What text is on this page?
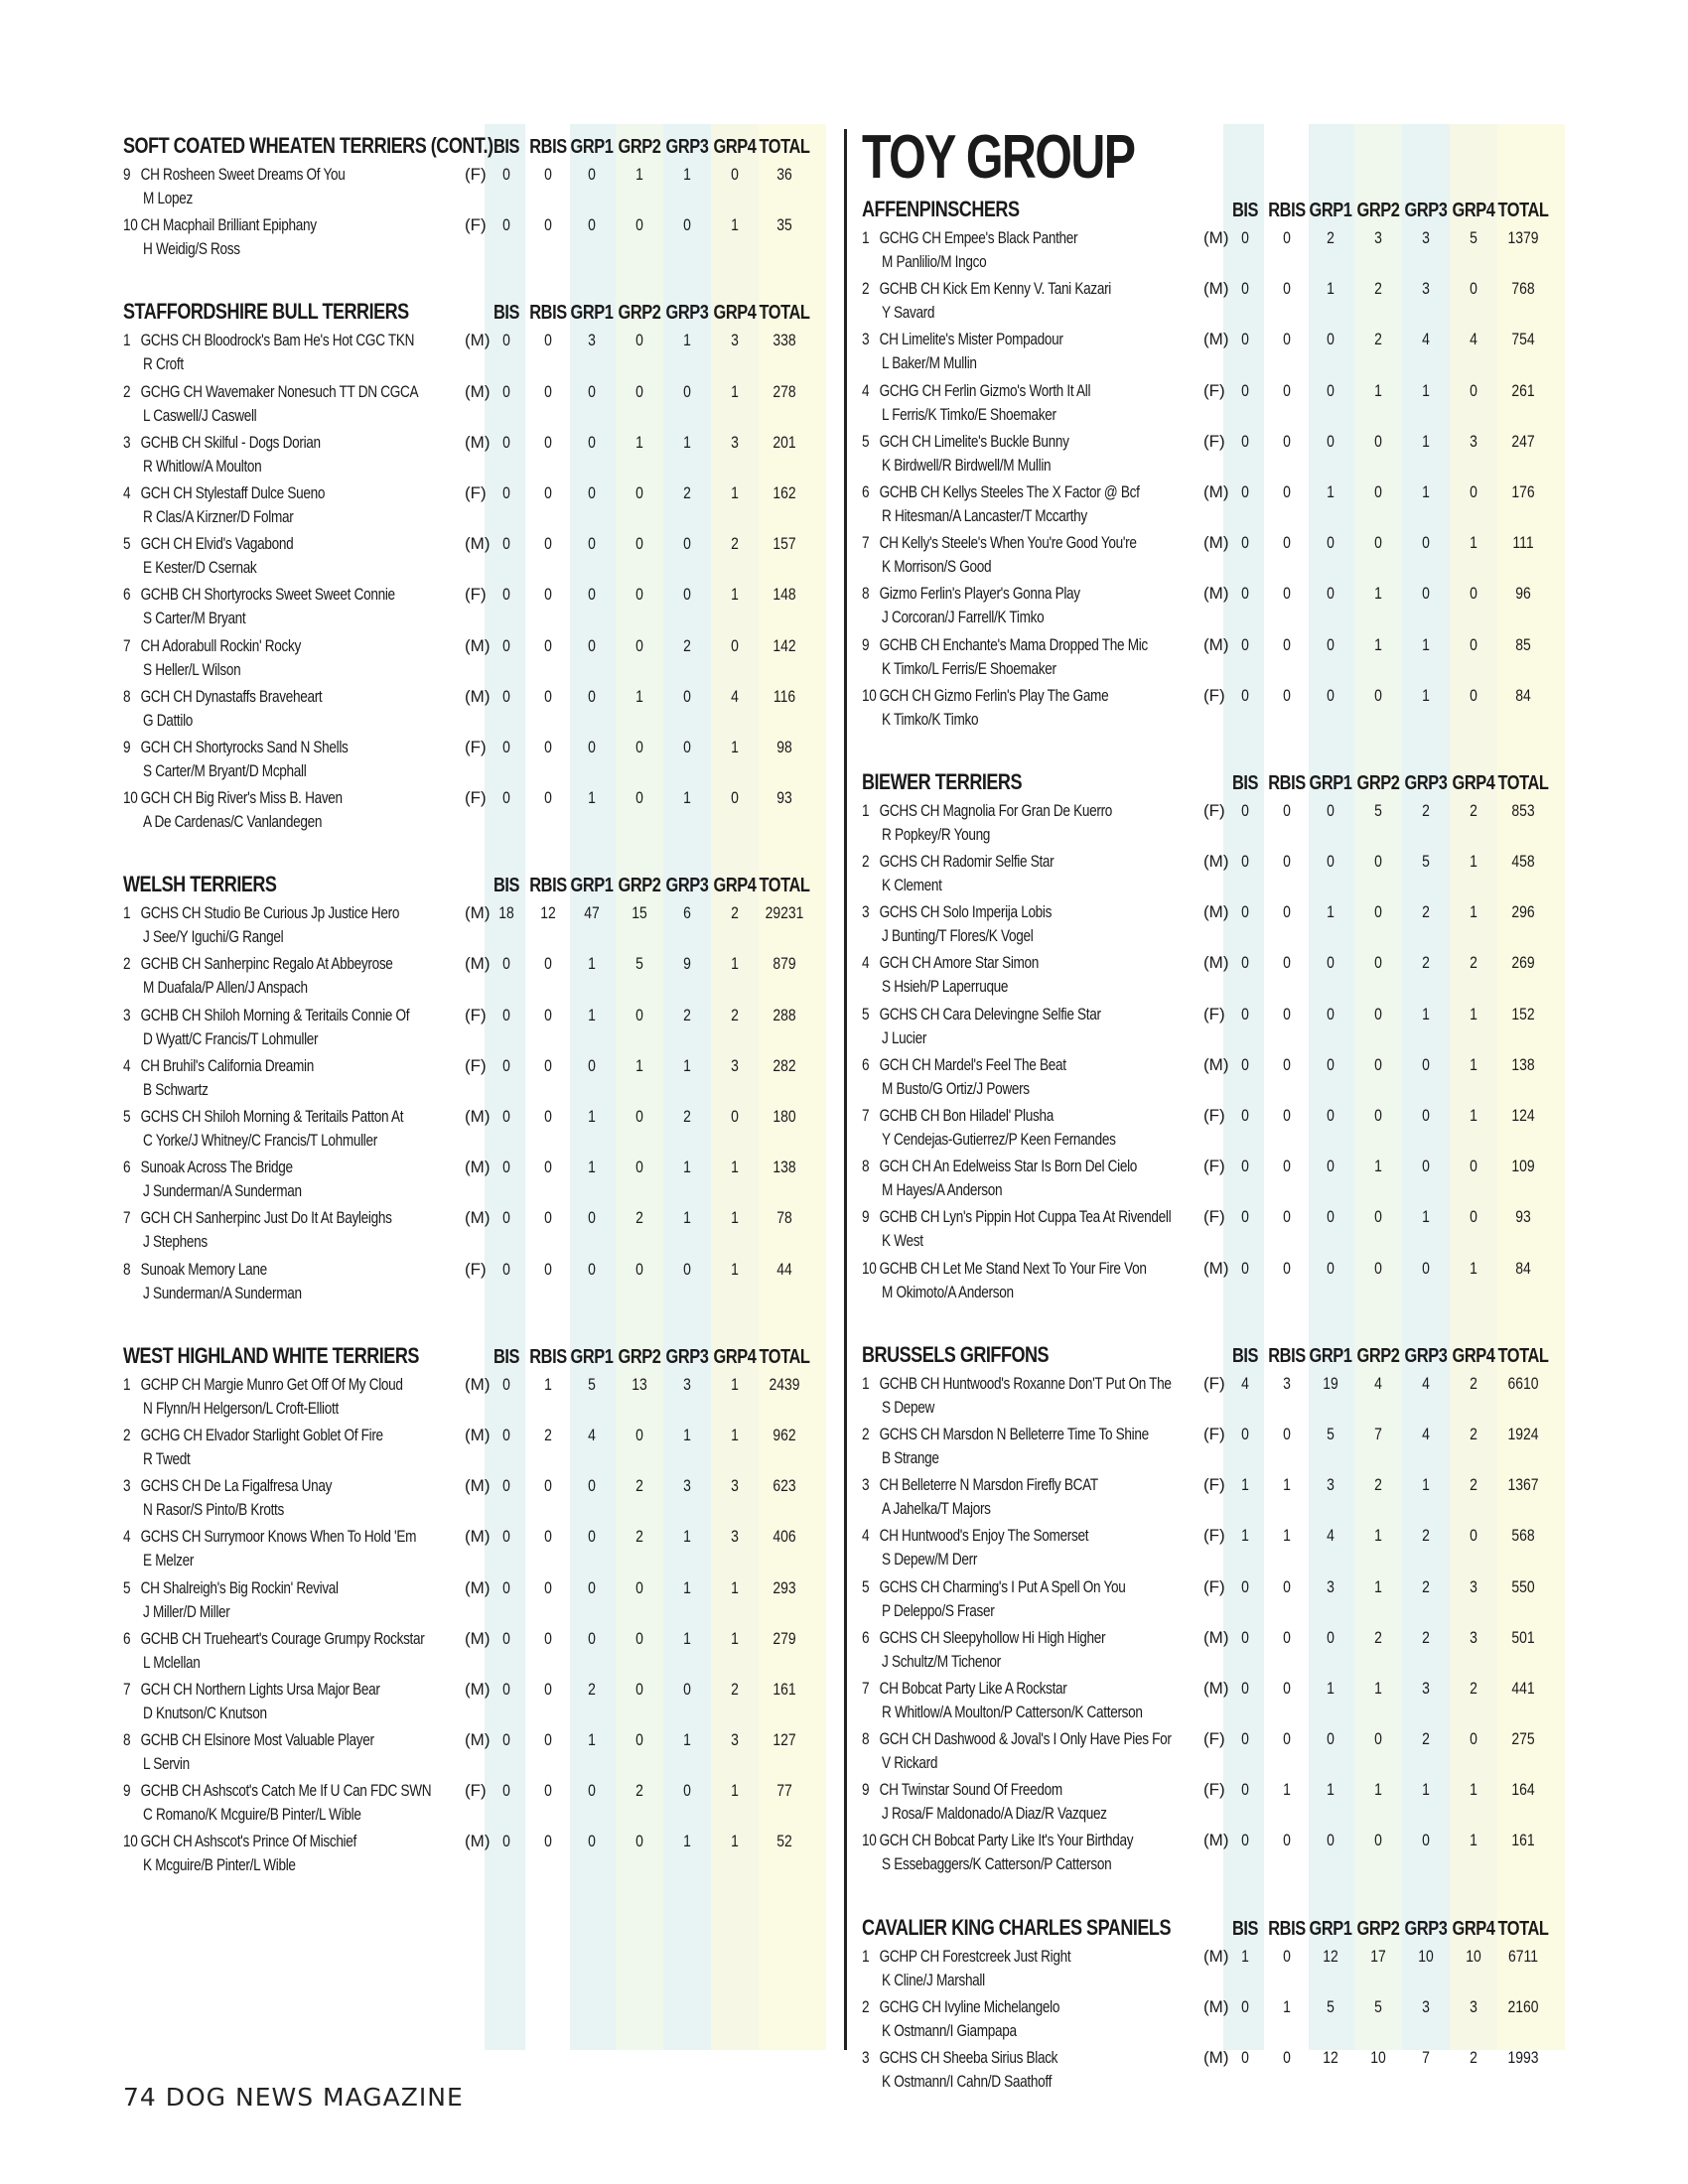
SOFT COATED WHEATEN TERRIERS (CONT.) BIS RBIS GRP1 GRP2 GRP3 GRP4 TOTAL
9 CH Rosheen Sweet Dreams Of You
M Lopez
(F) 0 0 0 1 1 0 36
10 CH Macphail Brilliant Epiphany
H Weidig/S Ross
(F) 0 0 0 0 0 1 35
STAFFORDSHIRE BULL TERRIERS	BIS RBIS GRP1 GRP2 GRP3 GRP4 TOTAL
1 GCHS CH Bloodrock's Bam He's Hot CGC TKN
R Croft
(M) 0 0 3 0 1 3 338
2 GCHG CH Wavemaker Nonesuch TT DN CGCA
L Caswell/J Caswell
(M) 0 0 0 0 0 1 278
3 GCHB CH Skilful - Dogs Dorian
R Whitlow/A Moulton
(M) 0 0 0 1 1 3 201
4 GCH CH Stylestaff Dulce Sueno
R Clas/A Kirzner/D Folmar
(F) 0 0 0 0 2 1 162
5 GCH CH Elvid's Vagabond
E Kester/D Csernak
(M) 0 0 0 0 0 2 157
6 GCHB CH Shortyrocks Sweet Sweet Connie
S Carter/M Bryant
(F) 0 0 0 0 0 1 148
7 CH Adorabull Rockin' Rocky
S Heller/L Wilson
(M) 0 0 0 0 2 0 142
8 GCH CH Dynastaffs Braveheart
G Dattilo
(M) 0 0 0 1 0 4 116
9 GCH CH Shortyrocks Sand N Shells
S Carter/M Bryant/D Mcphall
(F) 0 0 0 0 0 1 98
10 GCH CH Big River's Miss B. Haven
A De Cardenas/C Vanlandegen
(F) 0 0 1 0 1 0 93
WELSH TERRIERS	BIS RBIS GRP1 GRP2 GRP3 GRP4 TOTAL
1 GCHS CH Studio Be Curious Jp Justice Hero
J See/Y Iguchi/G Rangel
(M) 18 12 47 15 6 2 29231
2 GCHB CH Sanherpinc Regalo At Abbeyrose
M Duafala/P Allen/J Anspach
(M) 0 0 1 5 9 1 879
3 GCHB CH Shiloh Morning & Teritails Connie Of
D Wyatt/C Francis/T Lohmuller
(F) 0 0 1 0 2 2 288
4 CH Bruhil's California Dreamin
B Schwartz
(F) 0 0 0 1 1 3 282
5 GCHS CH Shiloh Morning & Teritails Patton At
C Yorke/J Whitney/C Francis/T Lohmuller
(M) 0 0 1 0 2 0 180
6 Sunoak Across The Bridge
J Sunderman/A Sunderman
(M) 0 0 1 0 1 1 138
7 GCH CH Sanherpinc Just Do It At Bayleighs
J Stephens
(M) 0 0 0 2 1 1 78
8 Sunoak Memory Lane
J Sunderman/A Sunderman
(F) 0 0 0 0 0 1 44
WEST HIGHLAND WHITE TERRIERS	BIS RBIS GRP1 GRP2 GRP3 GRP4 TOTAL
1 GCHP CH Margie Munro Get Off Of My Cloud
N Flynn/H Helgerson/L Croft-Elliott
(M) 0 1 5 13 3 1 2439
2 GCHG CH Elvador Starlight Goblet Of Fire
R Twedt
(M) 0 2 4 0 1 1 962
3 GCHS CH De La Figalfresa Unay
N Rasor/S Pinto/B Krotts
(M) 0 0 0 2 3 3 623
4 GCHS CH Surrymoor Knows When To Hold 'Em
E Melzer
(M) 0 0 0 2 1 3 406
5 CH Shalreigh's Big Rockin' Revival
J Miller/D Miller
(M) 0 0 0 0 1 1 293
6 GCHB CH Trueheart's Courage Grumpy Rockstar
L Mclellan
(M) 0 0 0 0 1 1 279
7 GCH CH Northern Lights Ursa Major Bear
D Knutson/C Knutson
(M) 0 0 2 0 0 2 161
8 GCHB CH Elsinore Most Valuable Player
L Servin
(M) 0 0 1 0 1 3 127
9 GCHB CH Ashscot's Catch Me If U Can FDC SWN
C Romano/K Mcguire/B Pinter/L Wible
(F) 0 0 0 2 0 1 77
10 GCH CH Ashscot's Prince Of Mischief
K Mcguire/B Pinter/L Wible
(M) 0 0 0 0 1 1 52
TOY GROUP
AFFENPINSCHERS	BIS RBIS GRP1 GRP2 GRP3 GRP4 TOTAL
1 GCHG CH Empee's Black Panther
M Panlilio/M Ingco
(M) 0 0 2 3 3 5 1379
2 GCHB CH Kick Em Kenny V. Tani Kazari
Y Savard
(M) 0 0 1 2 3 0 768
3 CH Limelite's Mister Pompadour
L Baker/M Mullin
(M) 0 0 0 2 4 4 754
4 GCHG CH Ferlin Gizmo's Worth It All
L Ferris/K Timko/E Shoemaker
(F) 0 0 0 1 1 0 261
5 GCH CH Limelite's Buckle Bunny
K Birdwell/R Birdwell/M Mullin
(F) 0 0 0 0 1 3 247
6 GCHB CH Kellys Steeles The X Factor @ Bcf
R Hitesman/A Lancaster/T Mccarthy
(M) 0 0 1 0 1 0 176
7 CH Kelly's Steele's When You're Good You're
K Morrison/S Good
(M) 0 0 0 0 0 1 111
8 Gizmo Ferlin's Player's Gonna Play
J Corcoran/J Farrell/K Timko
(M) 0 0 0 1 0 0 96
9 GCHB CH Enchante's Mama Dropped The Mic
K Timko/L Ferris/E Shoemaker
(M) 0 0 0 1 1 0 85
10 GCH CH Gizmo Ferlin's Play The Game
K Timko/K Timko
(F) 0 0 0 0 1 0 84
BIEWER TERRIERS	BIS RBIS GRP1 GRP2 GRP3 GRP4 TOTAL
1 GCHS CH Magnolia For Gran De Kuerro
R Popkey/R Young
(F) 0 0 0 5 2 2 853
2 GCHS CH Radomir Selfie Star
K Clement
(M) 0 0 0 0 5 1 458
3 GCHS CH Solo Imperija Lobis
J Bunting/T Flores/K Vogel
(M) 0 0 1 0 2 1 296
4 GCH CH Amore Star Simon
S Hsieh/P Laperruque
(M) 0 0 0 0 2 2 269
5 GCHS CH Cara Delevingne Selfie Star
J Lucier
(F) 0 0 0 0 1 1 152
6 GCH CH Mardel's Feel The Beat
M Busto/G Ortiz/J Powers
(M) 0 0 0 0 0 1 138
7 GCHB CH Bon Hiladel' Plusha
Y Cendejas-Gutierrez/P Keen Fernandes
(F) 0 0 0 0 0 1 124
8 GCH CH An Edelweiss Star Is Born Del Cielo
M Hayes/A Anderson
(F) 0 0 0 1 0 0 109
9 GCHB CH Lyn's Pippin Hot Cuppa Tea At Rivendell
K West
(F) 0 0 0 0 1 0 93
10 GCHB CH Let Me Stand Next To Your Fire Von
M Okimoto/A Anderson
(M) 0 0 0 0 0 1 84
BRUSSELS GRIFFONS	BIS RBIS GRP1 GRP2 GRP3 GRP4 TOTAL
1 GCHB CH Huntwood's Roxanne Don'T Put On The
S Depew
(F) 4 3 19 4 4 2 6610
2 GCHS CH Marsdon N Belleterre Time To Shine
B Strange
(F) 0 0 5 7 4 2 1924
3 CH Belleterre N Marsdon Firefly BCAT
A Jahelka/T Majors
(F) 1 1 3 2 1 2 1367
4 CH Huntwood's Enjoy The Somerset
S Depew/M Derr
(F) 1 1 4 1 2 0 568
5 GCHS CH Charming's I Put A Spell On You
P Deleppo/S Fraser
(F) 0 0 3 1 2 3 550
6 GCHS CH Sleepyhollow Hi High Higher
J Schultz/M Tichenor
(M) 0 0 0 2 2 3 501
7 CH Bobcat Party Like A Rockstar
R Whitlow/A Moulton/P Catterson/K Catterson
(M) 0 0 1 1 3 2 441
8 GCH CH Dashwood & Joval's I Only Have Pies For
V Rickard
(F) 0 0 0 0 2 0 275
9 CH Twinstar Sound Of Freedom
J Rosa/F Maldonado/A Diaz/R Vazquez
(F) 0 1 1 1 1 1 164
10 GCH CH Bobcat Party Like It's Your Birthday
S Essebaggers/K Catterson/P Catterson
(M) 0 0 0 0 0 1 161
CAVALIER KING CHARLES SPANIELS	BIS RBIS GRP1 GRP2 GRP3 GRP4 TOTAL
1 GCHP CH Forestcreek Just Right
K Cline/J Marshall
(M) 1 0 12 17 10 10 6711
2 GCHG CH Ivyline Michelangelo
K Ostmann/I Giampapa
(M) 0 1 5 5 3 3 2160
3 GCHS CH Sheeba Sirius Black
K Ostmann/I Cahn/D Saathoff
(M) 0 0 12 10 7 2 1993
74 DOG NEWS MAGAZINE
